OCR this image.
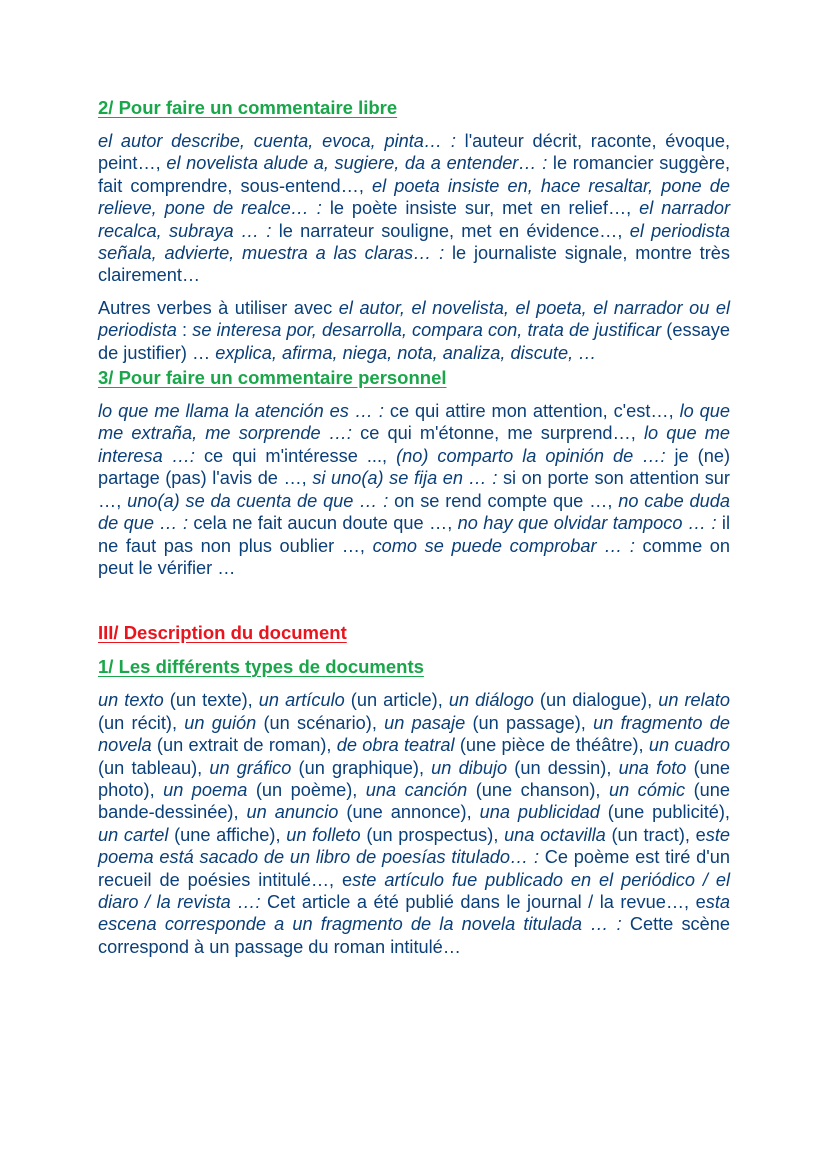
2/ Pour faire un commentaire libre

el autor describe, cuenta, evoca, pinta… : l'auteur décrit, raconte, évoque, peint…, el novelista alude a, sugiere, da a entender… : le romancier suggère, fait comprendre, sous-entend…, el poeta insiste en, hace resaltar, pone de relieve, pone de realce… : le poète insiste sur, met en relief…, el narrador recalca, subraya … : le narrateur souligne, met en évidence…, el periodista señala, advierte, muestra a las claras… : le journaliste signale, montre très clairement…

Autres verbes à utiliser avec el autor, el novelista, el poeta, el narrador ou el periodista : se interesa por, desarrolla, compara con, trata de justificar (essaye de justifier) … explica, afirma, niega, nota, analiza, discute, …

3/ Pour faire un commentaire personnel

lo que me llama la atención es … : ce qui attire mon attention, c'est…, lo que me extraña, me sorprende …: ce qui m'étonne, me surprend…, lo que me interesa …: ce qui m'intéresse ..., (no) comparto la opinión de …: je (ne) partage (pas) l'avis de …, si uno(a) se fija en … : si on porte son attention sur …, uno(a) se da cuenta de que … : on se rend compte que …, no cabe duda de que … : cela ne fait aucun doute que …, no hay que olvidar tampoco … : il ne faut pas non plus oublier …, como se puede comprobar … : comme on peut le vérifier …

III/ Description du document
1/ Les différents types de documents

un texto (un texte), un artículo (un article), un diálogo (un dialogue), un relato (un récit), un guión (un scénario), un pasaje (un passage), un fragmento de novela (un extrait de roman), de obra teatral (une pièce de théâtre), un cuadro (un tableau), un gráfico (un graphique), un dibujo (un dessin), una foto (une photo), un poema (un poème), una canción (une chanson), un cómic (une bande-dessinée), un anuncio (une annonce), una publicidad (une publicité), un cartel (une affiche), un folleto (un prospectus), una octavilla (un tract), este poema está sacado de un libro de poesías titulado… : Ce poème est tiré d'un recueil de poésies intitulé…, este artículo fue publicado en el periódico / el diaro / la revista …: Cet article a été publié dans le journal / la revue…, esta escena corresponde a un fragmento de la novela titulada … : Cette scène correspond à un passage du roman intitulé…
